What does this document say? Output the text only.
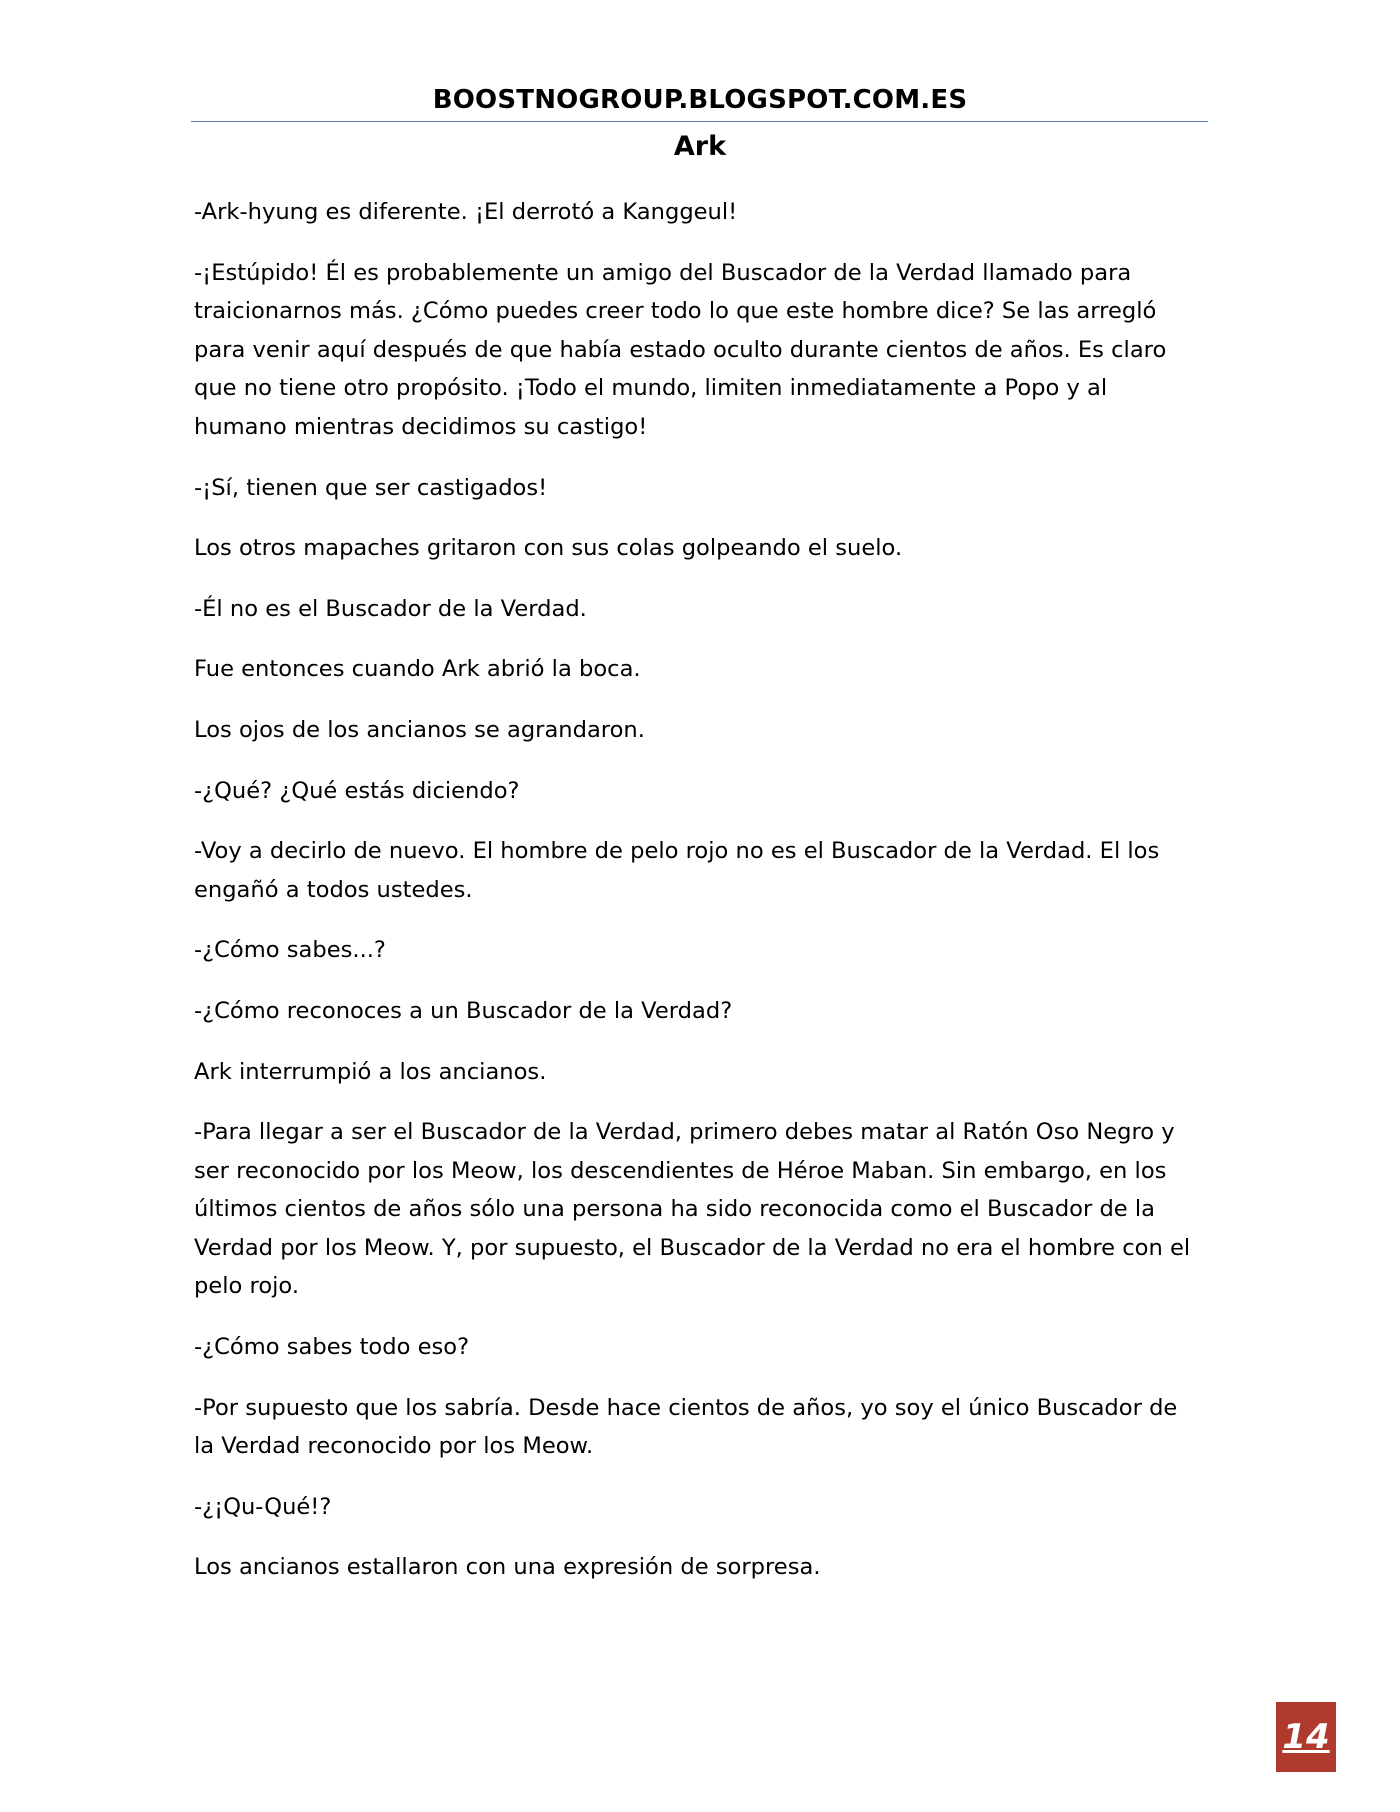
BOOSTNOGROUP.BLOGSPOT.COM.ES
Ark

-Ark-hyung es diferente. ¡El derrotó a Kanggeul!

-¡Estúpido! Él es probablemente un amigo del Buscador de la Verdad llamado para traicionarnos más. ¿Cómo puedes creer todo lo que este hombre dice? Se las arregló para venir aquí después de que había estado oculto durante cientos de años. Es claro que no tiene otro propósito. ¡Todo el mundo, limiten inmediatamente a Popo y al humano mientras decidimos su castigo!

-¡Sí, tienen que ser castigados!

Los otros mapaches gritaron con sus colas golpeando el suelo.

-Él no es el Buscador de la Verdad.

Fue entonces cuando Ark abrió la boca.

Los ojos de los ancianos se agrandaron.

-¿Qué? ¿Qué estás diciendo?

-Voy a decirlo de nuevo. El hombre de pelo rojo no es el Buscador de la Verdad. El los engañó a todos ustedes.

-¿Cómo sabes...?

-¿Cómo reconoces a un Buscador de la Verdad?

Ark interrumpió a los ancianos.

-Para llegar a ser el Buscador de la Verdad, primero debes matar al Ratón Oso Negro y ser reconocido por los Meow, los descendientes de Héroe Maban. Sin embargo, en los últimos cientos de años sólo una persona ha sido reconocida como el Buscador de la Verdad por los Meow. Y, por supuesto, el Buscador de la Verdad no era el hombre con el pelo rojo.

-¿Cómo sabes todo eso?

-Por supuesto que los sabría. Desde hace cientos de años, yo soy el único Buscador de la Verdad reconocido por los Meow.

-¿¡Qu-Qué!?

Los ancianos estallaron con una expresión de sorpresa.

14
